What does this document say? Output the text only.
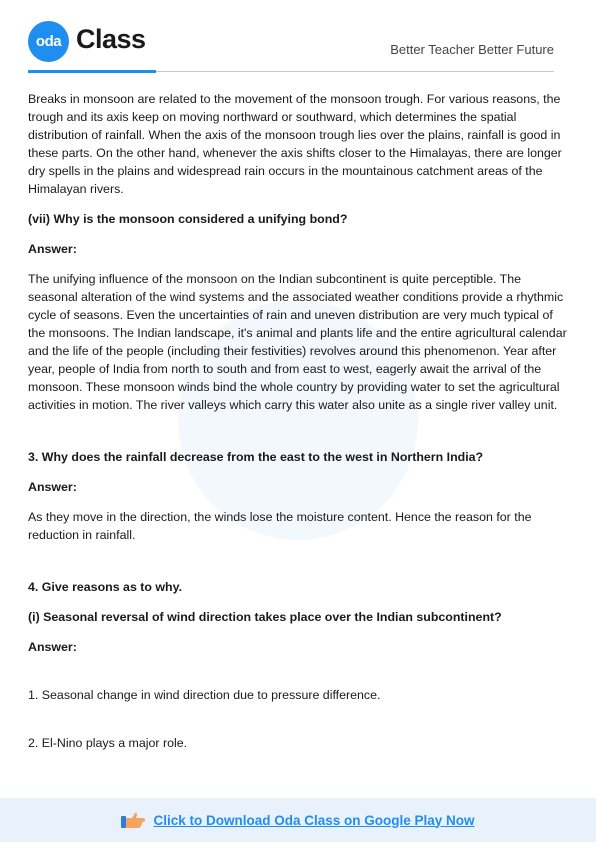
oda Class	Better Teacher Better Future

Breaks in monsoon are related to the movement of the monsoon trough. For various reasons, the trough and its axis keep on moving northward or southward, which determines the spatial distribution of rainfall. When the axis of the monsoon trough lies over the plains, rainfall is good in these parts. On the other hand, whenever the axis shifts closer to the Himalayas, there are longer dry spells in the plains and widespread rain occurs in the mountainous catchment areas of the Himalayan rivers.

(vii) Why is the monsoon considered a unifying bond?

Answer:

The unifying influence of the monsoon on the Indian subcontinent is quite perceptible. The seasonal alteration of the wind systems and the associated weather conditions provide a rhythmic cycle of seasons. Even the uncertainties of rain and uneven distribution are very much typical of the monsoons. The Indian landscape, it's animal and plants life and the entire agricultural calendar and the life of the people (including their festivities) revolves around this phenomenon. Year after year, people of India from north to south and from east to west, eagerly await the arrival of the monsoon. These monsoon winds bind the whole country by providing water to set the agricultural activities in motion. The river valleys which carry this water also unite as a single river valley unit.

3. Why does the rainfall decrease from the east to the west in Northern India?

Answer:

As they move in the direction, the winds lose the moisture content. Hence the reason for the reduction in rainfall.

4. Give reasons as to why.

(i) Seasonal reversal of wind direction takes place over the Indian subcontinent?

Answer:

1. Seasonal change in wind direction due to pressure difference.

2. El-Nino plays a major role.

Click to Download Oda Class on Google Play Now
